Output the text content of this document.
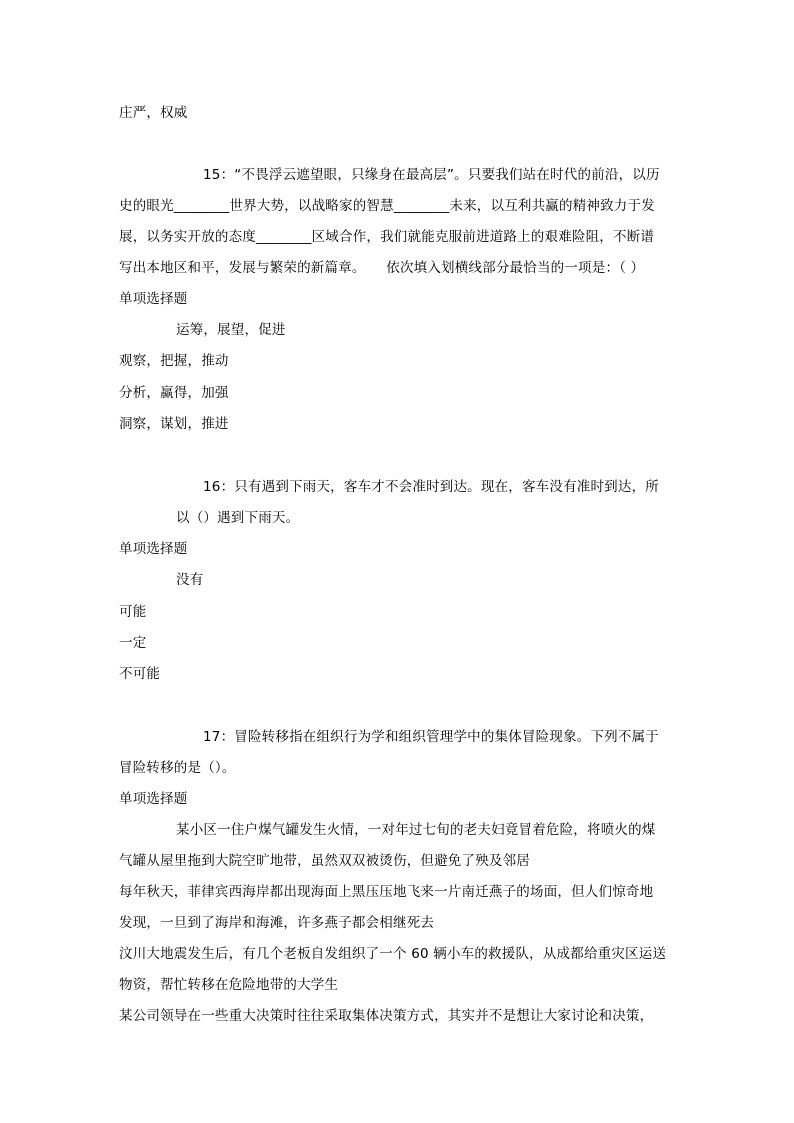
庄严，权威
15：“不畏浮云遮望眼，只缘身在最高层”。只要我们站在时代的前沿，以历
史的眼光________世界大势，以战略家的智慧________未来，以互利共赢的精神致力于发
展，以务实开放的态度________区域合作，我们就能克服前进道路上的艰难险阻，不断谱
写出本地区和平，发展与繁荣的新篇章。　　依次填入划横线部分最恰当的一项是：（ ）
单项选择题
运筹，展望，促进
观察，把握，推动
分析，赢得，加强
洞察，谋划，推进
16：只有遇到下雨天，客车才不会准时到达。现在，客车没有准时到达，所
以（）遇到下雨天。
单项选择题
没有
可能
一定
不可能
17：冒险转移指在组织行为学和组织管理学中的集体冒险现象。下列不属于
冒险转移的是（）。
单项选择题
某小区一住户煤气罐发生火情，一对年过七旬的老夫妇竟冒着危险，将喷火的煤
气罐从屋里拖到大院空旷地带，虽然双双被烫伤，但避免了殃及邻居
每年秋天，菲律宾西海岸都出现海面上黑压压地飞来一片南迁燕子的场面，但人们惊奇地
发现，一旦到了海岸和海滩，许多燕子都会相继死去
汶川大地震发生后，有几个老板自发组织了一个 60 辆小车的救援队，从成都给重灾区运送
物资，帮忙转移在危险地带的大学生
某公司领导在一些重大决策时往往采取集体决策方式，其实并不是想让大家讨论和决策，
